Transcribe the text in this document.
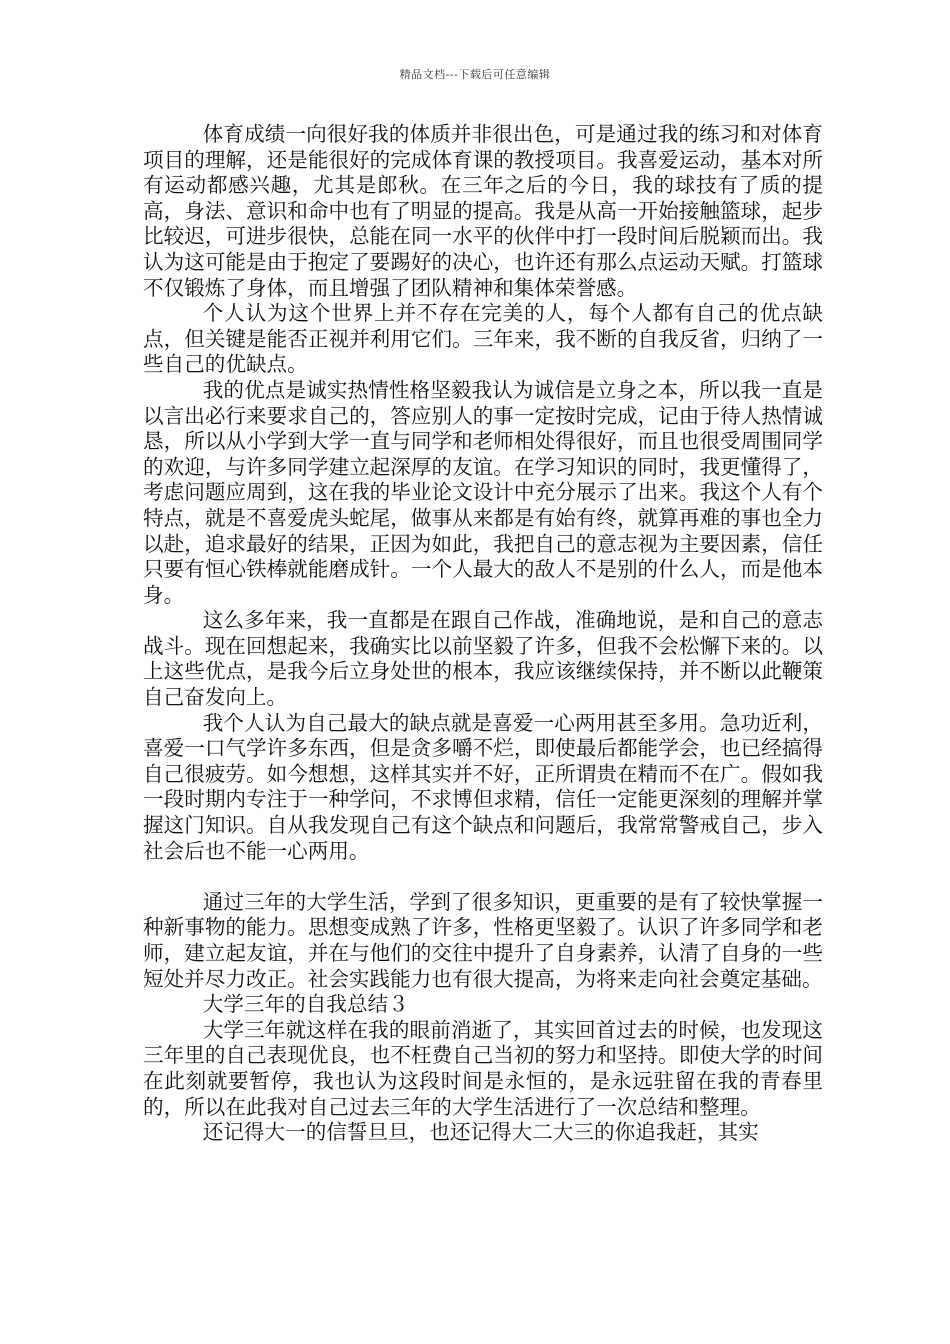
精品文档---下载后可任意编辑

体育成绩一向很好我的体质并非很出色，可是通过我的练习和对体育项目的理解，还是能很好的完成体育课的教授项目。我喜爱运动，基本对所有运动都感兴趣，尤其是郎秋。在三年之后的今日，我的球技有了质的提高，身法、意识和命中也有了明显的提高。我是从高一开始接触篮球，起步比较迟，可进步很快，总能在同一水平的伙伴中打一段时间后脱颖而出。我认为这可能是由于抱定了要踢好的决心，也许还有那么点运动天赋。打篮球不仅锻炼了身体，而且增强了团队精神和集体荣誉感。

个人认为这个世界上并不存在完美的人，每个人都有自己的优点缺点，但关键是能否正视并利用它们。三年来，我不断的自我反省，归纳了一些自己的优缺点。

我的优点是诚实热情性格坚毅我认为诚信是立身之本，所以我一直是以言出必行来要求自己的，答应别人的事一定按时完成，记由于待人热情诚恳，所以从小学到大学一直与同学和老师相处得很好，而且也很受周围同学的欢迎，与许多同学建立起深厚的友谊。在学习知识的同时，我更懂得了，考虑问题应周到，这在我的毕业论文设计中充分展示了出来。我这个人有个特点，就是不喜爱虎头蛇尾，做事从来都是有始有终，就算再难的事也全力以赴，追求最好的结果，正因为如此，我把自己的意志视为主要因素，信任只要有恒心铁棒就能磨成针。一个人最大的敌人不是别的什么人，而是他本身。

这么多年来，我一直都是在跟自己作战，准确地说，是和自己的意志战斗。现在回想起来，我确实比以前坚毅了许多，但我不会松懈下来的。以上这些优点，是我今后立身处世的根本，我应该继续保持，并不断以此鞭策自己奋发向上。

我个人认为自己最大的缺点就是喜爱一心两用甚至多用。急功近利，喜爱一口气学许多东西，但是贪多嚼不烂，即使最后都能学会，也已经搞得自己很疲劳。如今想想，这样其实并不好，正所谓贵在精而不在广。假如我一段时期内专注于一种学问，不求博但求精，信任一定能更深刻的理解并掌握这门知识。自从我发现自己有这个缺点和问题后，我常常警戒自己，步入社会后也不能一心两用。

通过三年的大学生活，学到了很多知识，更重要的是有了较快掌握一种新事物的能力。思想变成熟了许多，性格更坚毅了。认识了许多同学和老师，建立起友谊，并在与他们的交往中提升了自身素养，认清了自身的一些短处并尽力改正。社会实践能力也有很大提高，为将来走向社会奠定基础。

大学三年的自我总结３

大学三年就这样在我的眼前消逝了，其实回首过去的时候，也发现这三年里的自己表现优良，也不枉费自己当初的努力和坚持。即使大学的时间在此刻就要暂停，我也认为这段时间是永恒的，是永远驻留在我的青春里的，所以在此我对自己过去三年的大学生活进行了一次总结和整理。

还记得大一的信誓旦旦，也还记得大二大三的你追我赶，其实
